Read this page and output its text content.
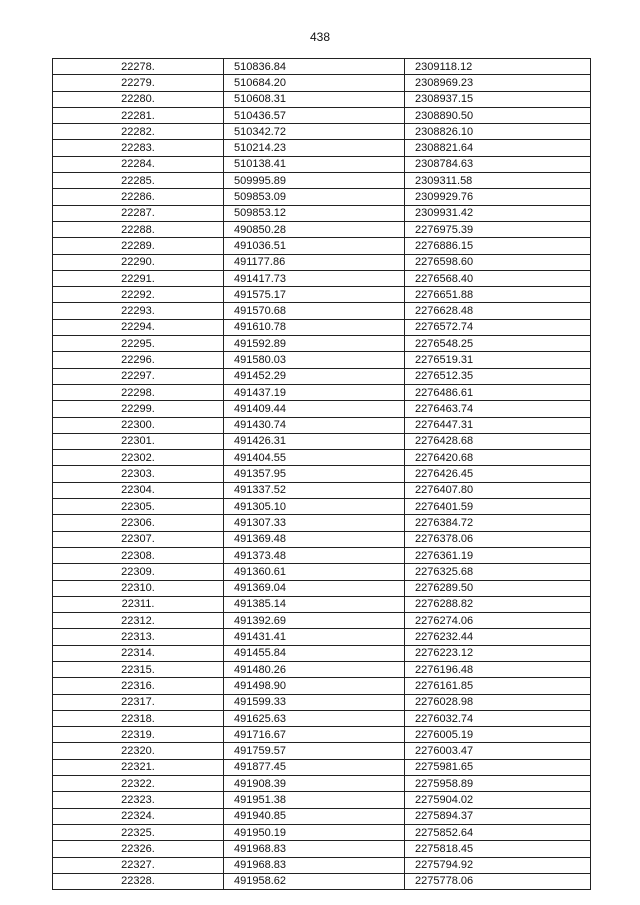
438
22278.	510836.84	2309118.12
22279.	510684.20	2308969.23
22280.	510608.31	2308937.15
22281.	510436.57	2308890.50
22282.	510342.72	2308826.10
22283.	510214.23	2308821.64
22284.	510138.41	2308784.63
22285.	509995.89	2309311.58
22286.	509853.09	2309929.76
22287.	509853.12	2309931.42
22288.	490850.28	2276975.39
22289.	491036.51	2276886.15
22290.	491177.86	2276598.60
22291.	491417.73	2276568.40
22292.	491575.17	2276651.88
22293.	491570.68	2276628.48
22294.	491610.78	2276572.74
22295.	491592.89	2276548.25
22296.	491580.03	2276519.31
22297.	491452.29	2276512.35
22298.	491437.19	2276486.61
22299.	491409.44	2276463.74
22300.	491430.74	2276447.31
22301.	491426.31	2276428.68
22302.	491404.55	2276420.68
22303.	491357.95	2276426.45
22304.	491337.52	2276407.80
22305.	491305.10	2276401.59
22306.	491307.33	2276384.72
22307.	491369.48	2276378.06
22308.	491373.48	2276361.19
22309.	491360.61	2276325.68
22310.	491369.04	2276289.50
22311.	491385.14	2276288.82
22312.	491392.69	2276274.06
22313.	491431.41	2276232.44
22314.	491455.84	2276223.12
22315.	491480.26	2276196.48
22316.	491498.90	2276161.85
22317.	491599.33	2276028.98
22318.	491625.63	2276032.74
22319.	491716.67	2276005.19
22320.	491759.57	2276003.47
22321.	491877.45	2275981.65
22322.	491908.39	2275958.89
22323.	491951.38	2275904.02
22324.	491940.85	2275894.37
22325.	491950.19	2275852.64
22326.	491968.83	2275818.45
22327.	491968.83	2275794.92
22328.	491958.62	2275778.06
